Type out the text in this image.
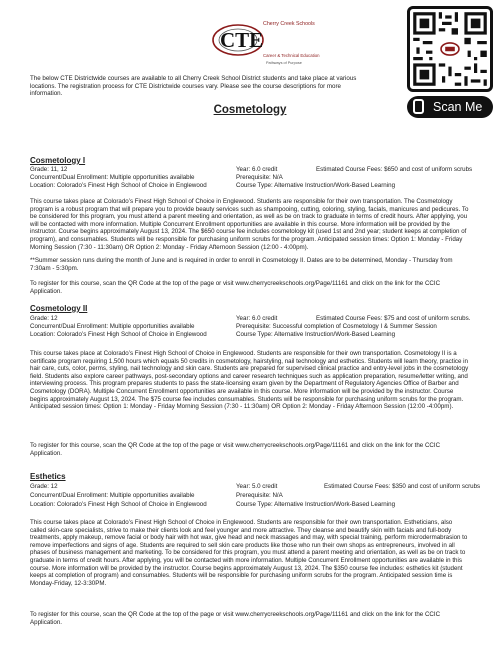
CTE
Cherry Creek Schools
Career & Technical Education
Pathways of Purpose
Scan Me
The below CTE Districtwide courses are available to all Cherry Creek School District students and take place at various locations. The registration process for CTE Districtwide courses vary. Please see the course descriptions for more information.
Cosmetology
Cosmetology I
Grade: 11, 12	Year: 6.0 credit	Estimated Course Fees: $650 and cost of uniform scrubs
Concurrent/Dual Enrollment: Multiple opportunities available	Prerequisite: N/A
Location: Colorado’s Finest High School of Choice in Englewood	Course Type: Alternative Instruction/Work-Based Learning
This course takes place at Colorado’s Finest High School of Choice in Englewood. Students are responsible for their own transportation. The Cosmetology program is a robust program that will prepare you to provide beauty services such as shampooing, cutting, coloring, styling, facials, manicures and pedicures. To be considered for this program, you must attend a parent meeting and orientation, as well as be on track to graduate in terms of credit hours. After applying, you will be contacted with more information. Multiple Concurrent Enrollment opportunities are available in this course. More information will be provided by the instructor. Course begins approximately August 13, 2024. The $650 course fee includes cosmetology kit (used 1st and 2nd year; student keeps at completion of program), and consumables. Students will be responsible for purchasing uniform scrubs for the program. Anticipated session times: Option 1: Monday - Friday Morning Session (7:30 - 11:30am) OR Option 2: Monday - Friday Afternoon Session (12:00 - 4:00pm).
**Summer session runs during the month of June and is required in order to enroll in Cosmetology II. Dates are to be determined, Monday - Thursday from 7:30am - 5:30pm.
To register for this course, scan the QR Code at the top of the page or visit www.cherrycreekschools.org/Page/11161 and click on the link for the CCIC Application.
Cosmetology II
Grade: 12	Year: 6.0 credit	Estimated Course Fees: $75 and cost of uniform scrubs.
Concurrent/Dual Enrollment: Multiple opportunities available	Prerequisite: Successful completion of Cosmetology I & Summer Session
Location: Colorado’s Finest High School of Choice in Englewood	Course Type: Alternative Instruction/Work-Based Learning
This course takes place at Colorado’s Finest High School of Choice in Englewood. Students are responsible for their own transportation. Cosmetology II is a certificate program requiring 1,500 hours which equals 50 credits in cosmetology, hairstyling, nail technology and esthetics. Students will learn theory, practice in hair care, cuts, color, perms, styling, nail technology and skin care. Students are prepared for supervised clinical practice and entry-level jobs in the cosmetology field. Students also explore career pathways, post-secondary options and career research techniques such as application preparation, resume/letter writing, and interviewing process. This program prepares students to pass the state-licensing exam given by the Department of Regulatory Agencies Office of Barber and Cosmetology (DORA). Multiple Concurrent Enrollment opportunities are available in this course. More information will be provided by the instructor. Course begins approximately August 13, 2024. The $75 course fee includes consumables. Students will be responsible for purchasing uniform scrubs for the program. Anticipated session times: Option 1: Monday - Friday Morning Session (7:30 - 11:30am) OR Option 2: Monday - Friday Afternoon Session (12:00 -4:00pm).
To register for this course, scan the QR Code at the top of the page or visit www.cherrycreekschools.org/Page/11161 and click on the link for the CCIC Application.
Esthetics
Grade: 12	Year: 5.0 credit	Estimated Course Fees: $350 and cost of uniform scrubs
Concurrent/Dual Enrollment: Multiple opportunities available	Prerequisite: N/A
Location: Colorado’s Finest High School of Choice in Englewood	Course Type: Alternative Instruction/Work-Based Learning
This course takes place at Colorado’s Finest High School of Choice in Englewood. Students are responsible for their own transportation. Estheticians, also called skin-care specialists, strive to make their clients look and feel younger and more attractive. They cleanse and beautify skin with facials and full-body treatments, apply makeup, remove facial or body hair with hot wax, give head and neck massages and may, with special training, perform microdermabrasion to remove imperfections and signs of age. Students are required to sell skin care products like those who run their own shops as entrepreneurs, involved in all phases of business management and marketing. To be considered for this program, you must attend a parent meeting and orientation, as well as be on track to graduate in terms of credit hours. After applying, you will be contacted with more information. Multiple Concurrent Enrollment opportunities are available in this course. More information will be provided by the instructor. Course begins approximately August 13, 2024. The $350 course fee includes: esthetics kit (student keeps at completion of program) and consumables. Students will be responsible for purchasing uniform scrubs for the program. Anticipated session time is Monday-Friday, 12-3:30PM.
To register for this course, scan the QR Code at the top of the page or visit www.cherrycreekschools.org/Page/11161 and click on the link for the CCIC Application.
